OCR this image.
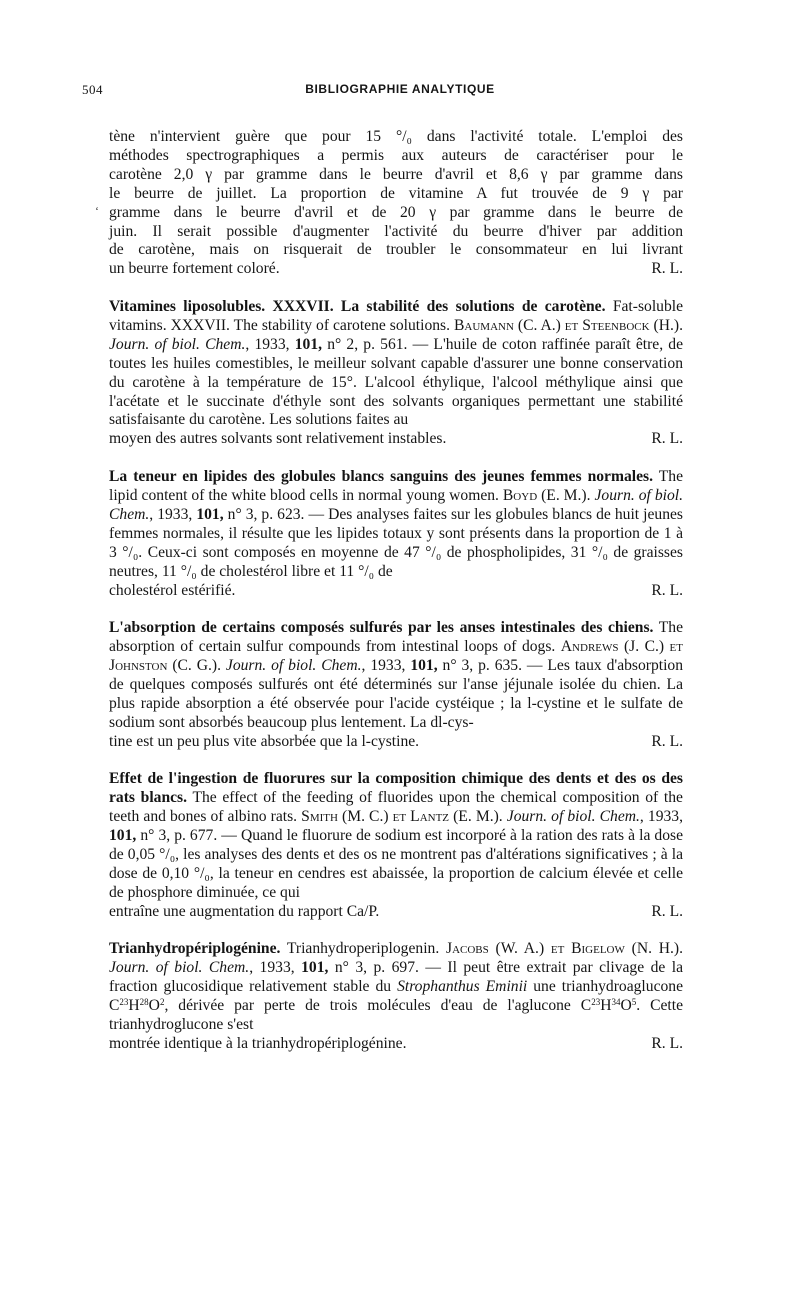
504	BIBLIOGRAPHIE ANALYTIQUE
‘
tène n'intervient guère que pour 15 °/₀ dans l'activité totale. L'emploi des
méthodes spectrographiques a permis aux auteurs de caractériser pour le
carotène 2,0 γ par gramme dans le beurre d'avril et 8,6 γ par gramme dans
le beurre de juillet. La proportion de vitamine A fut trouvée de 9 γ par
gramme dans le beurre d'avril et de 20 γ par gramme dans le beurre de
juin. Il serait possible d'augmenter l'activité du beurre d'hiver par addition
de carotène, mais on risquerait de troubler le consommateur en lui livrant
un beurre fortement coloré.	R. L.

Vitamines liposolubles. XXXVII. La stabilité des solutions de carotène. Fat-soluble vitamins. XXXVII. The stability of carotene solutions. Baumann (C. A.) et Steenbock (H.). Journ. of biol. Chem., 1933, 101, n° 2, p. 561. — L'huile de coton raffinée paraît être, de toutes les huiles comestibles, le meilleur solvant capable d'assurer une bonne conservation du carotène à la température de 15°. L'alcool éthylique, l'alcool méthylique ainsi que l'acétate et le succinate d'éthyle sont des solvants organiques permettant une stabilité satisfaisante du carotène. Les solutions faites au

moyen des autres solvants sont relativement instables.	R. L.

La teneur en lipides des globules blancs sanguins des jeunes femmes normales. The lipid content of the white blood cells in normal young women. Boyd (E. M.). Journ. of biol. Chem., 1933, 101, n° 3, p. 623. — Des analyses faites sur les globules blancs de huit jeunes femmes normales, il résulte que les lipides totaux y sont présents dans la proportion de 1 à 3 °/₀. Ceux-ci sont composés en moyenne de 47 °/₀ de phospholipides, 31 °/₀ de graisses neutres, 11 °/₀ de cholestérol libre et 11 °/₀ de

cholestérol estérifié.	R. L.

L'absorption de certains composés sulfurés par les anses intestinales des chiens. The absorption of certain sulfur compounds from intestinal loops of dogs. Andrews (J. C.) et Johnston (C. G.). Journ. of biol. Chem., 1933, 101, n° 3, p. 635. — Les taux d'absorption de quelques composés sulfurés ont été déterminés sur l'anse jéjunale isolée du chien. La plus rapide absorption a été observée pour l'acide cystéique ; la l-cystine et le sulfate de sodium sont absorbés beaucoup plus lentement. La dl-cys-

tine est un peu plus vite absorbée que la l-cystine.	R. L.

Effet de l'ingestion de fluorures sur la composition chimique des dents et des os des rats blancs. The effect of the feeding of fluorides upon the chemical composition of the teeth and bones of albino rats. Smith (M. C.) et Lantz (E. M.). Journ. of biol. Chem., 1933, 101, n° 3, p. 677. — Quand le fluorure de sodium est incorporé à la ration des rats à la dose de 0,05 °/₀, les analyses des dents et des os ne montrent pas d'altérations significatives ; à la dose de 0,10 °/₀, la teneur en cendres est abaissée, la proportion de calcium élevée et celle de phosphore diminuée, ce qui

entraîne une augmentation du rapport Ca/P.	R. L.

Trianhydropériplogénine. Trianhydroperiplogenin. Jacobs (W. A.) et Bigelow (N. H.). Journ. of biol. Chem., 1933, 101, n° 3, p. 697. — Il peut être extrait par clivage de la fraction glucosidique relativement stable du Strophanthus Eminii une trianhydroaglucone $C^{23}H^{28}O^2$, dérivée par perte de trois molécules d'eau de l'aglucone $C^{23}H^{34}O^5$. Cette trianhydroglucone s'est

montrée identique à la trianhydropériplogénine.	R. L.
